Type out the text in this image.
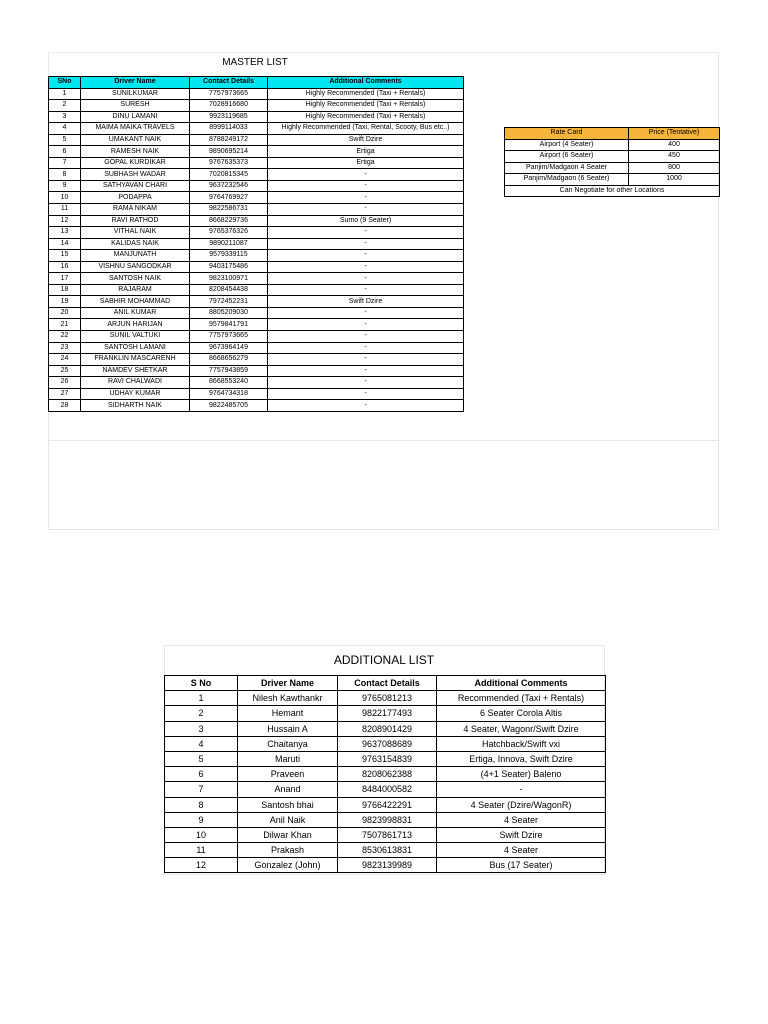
MASTER LIST
SNo	Driver Name	Contact Details	Additional Comments
1	SUNILKUMAR	7757973665	Highly Recommended (Taxi + Rentals)
2	SURESH	7028916680	Highly Recommended (Taxi + Rentals)
3	DINU LAMANI	9923119685	Highly Recommended (Taxi + Rentals)
4	MAIMA MAIKA TRAVELS	8999114033	Highly Recommended (Taxi, Rental, Scooty, Bus etc..)
5	UMAKANT NAIK	8788249172	Swift Dzire
6	RAMESH NAIK	9890695214	Ertiga
7	GOPAL KURDIKAR	9767635373	Ertiga
8	SUBHASH WADAR	7020815345	-
9	SATHYAVAN CHARI	9637232546	-
10	PODAPPA	9764769927	-
11	RAMA NIKAM	9822586731	-
12	RAVI RATHOD	8668229736	Sumo (9 Seater)
13	VITHAL NAIK	9765376326	-
14	KALIDAS NAIK	9890211087	-
15	MANJUNATH	9579339115	-
16	VISHNU SANGODKAR	9403175486	-
17	SANTOSH NAIK	9823100971	-
18	RAJARAM	8208454438	-
19	SABHIR MOHAMMAD	7972452231	Swift Dzire
20	ANIL KUMAR	8805209030	-
21	ARJUN HARIJAN	9579841791	-
22	SUNIL VALTUKI	7757973665	-
23	SANTOSH LAMANI	9673964149	-
24	FRANKLIN MASCARENH	8668656279	-
25	NAMDEV SHETKAR	7757943859	-
26	RAVI CHALWADI	8668553240	-
27	UDHAY KUMAR	9764734318	-
28	SIDHARTH NAIK	9822485705	-
Rate Card	Price (Tentative)
Airport (4 Seater)	400
Airport (6 Seater)	450
Panjim/Madgaon 4 Seater	800
Panjim/Madgaon (6 Seater)	1000
Can Negotiate for other Locations	
ADDITIONAL LIST
S No	Driver Name	Contact Details	Additional Comments
1	Nilesh Kawthankr	9765081213	Recommended (Taxi + Rentals)
2	Hemant	9822177493	6 Seater Corola Altis
3	Hussain A	8208901429	4 Seater, Wagonr/Swift Dzire
4	Chaitanya	9637088689	Hatchback/Swift vxi
5	Maruti	9763154839	Ertiga, Innova, Swift Dzire
6	Praveen	8208062388	(4+1 Seater) Baleno
7	Anand	8484000582	-
8	Santosh bhai	9766422291	4 Seater (Dzire/WagonR)
9	Anil Naik	9823998831	4 Seater
10	Dilwar Khan	7507861713	Swift Dzire
11	Prakash	8530613831	4 Seater
12	Gonzalez (John)	9823139989	Bus (17 Seater)
